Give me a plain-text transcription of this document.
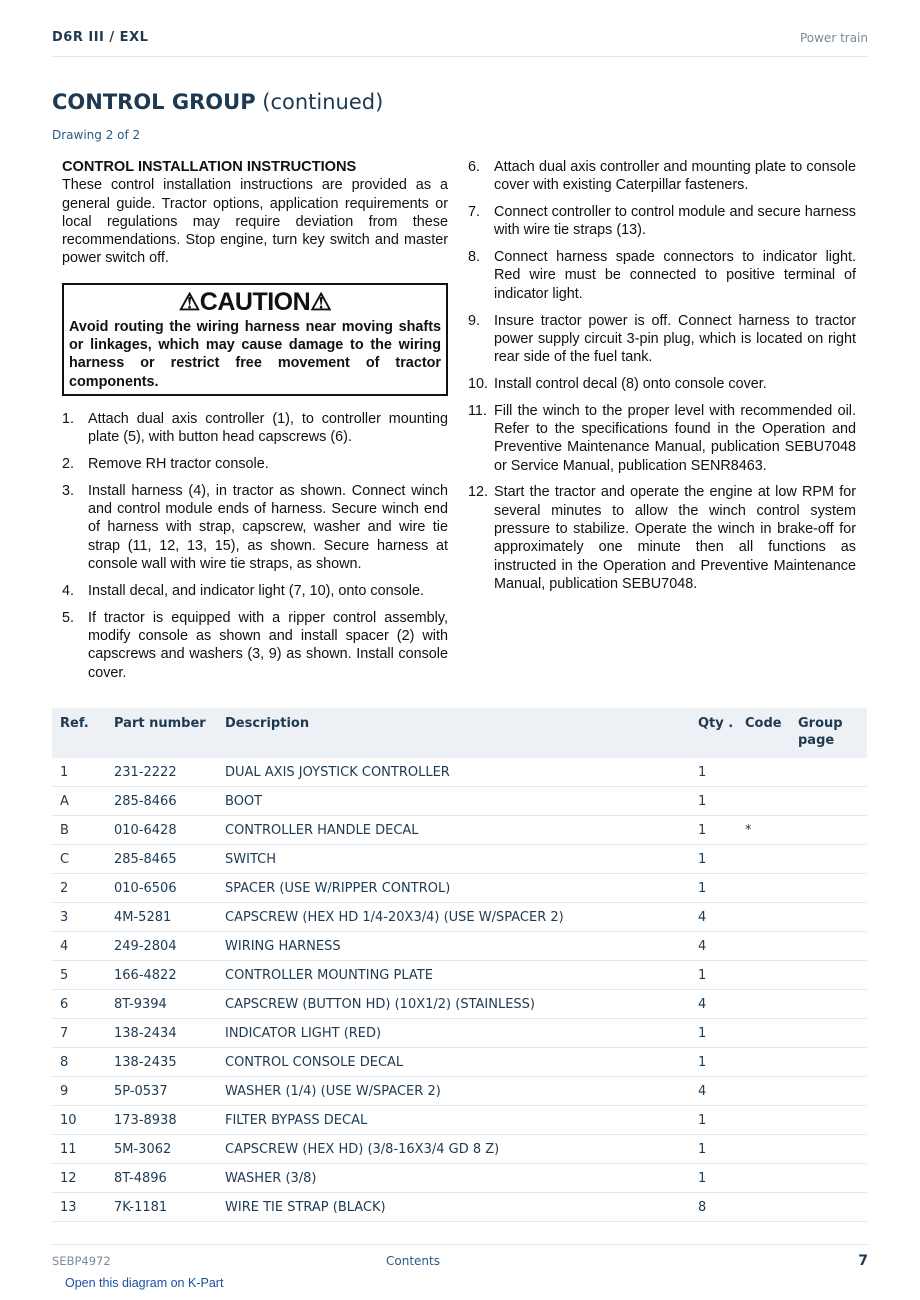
D6R III / EXL	Power train
CONTROL GROUP (continued)
Drawing 2 of 2
CONTROL INSTALLATION INSTRUCTIONS

These control installation instructions are provided as a general guide. Tractor options, application requirements or local regulations may require deviation from these recommendations. Stop engine, turn key switch and master power switch off.

⚠CAUTION⚠
Avoid routing the wiring harness near moving shafts or linkages, which may cause damage to the wiring harness or restrict free movement of tractor components.
1. Attach dual axis controller (1), to controller mounting plate (5), with button head capscrews (6).
2. Remove RH tractor console.
3. Install harness (4), in tractor as shown. Connect winch and control module ends of harness. Secure winch end of harness with strap, capscrew, washer and wire tie strap (11, 12, 13, 15), as shown. Secure harness at console wall with wire tie straps, as shown.
4. Install decal, and indicator light (7, 10), onto console.
5. If tractor is equipped with a ripper control assembly, modify console as shown and install spacer (2) with capscrews and washers (3, 9) as shown. Install console cover.
6. Attach dual axis controller and mounting plate to console cover with existing Caterpillar fasteners.
7. Connect controller to control module and secure harness with wire tie straps (13).
8. Connect harness spade connectors to indicator light. Red wire must be connected to positive terminal of indicator light.
9. Insure tractor power is off. Connect harness to tractor power supply circuit 3-pin plug, which is located on right rear side of the fuel tank.
10. Install control decal (8) onto console cover.
11. Fill the winch to the proper level with recommended oil. Refer to the specifications found in the Operation and Preventive Maintenance Manual, publication SEBU7048 or Service Manual, publication SENR8463.
12. Start the tractor and operate the engine at low RPM for several minutes to allow the winch control system pressure to stabilize. Operate the winch in brake-off for approximately one minute then all functions as instructed in the Operation and Preventive Maintenance Manual, publication SEBU7048.
Ref.	Part number	Description	Qty .	Code	Group page
1	231-2222	DUAL AXIS JOYSTICK CONTROLLER	1		
A	285-8466	BOOT	1		
B	010-6428	CONTROLLER HANDLE DECAL	1	*	
C	285-8465	SWITCH	1		
2	010-6506	SPACER (USE W/RIPPER CONTROL)	1		
3	4M-5281	CAPSCREW (HEX HD 1/4-20X3/4) (USE W/SPACER 2)	4		
4	249-2804	WIRING HARNESS	4		
5	166-4822	CONTROLLER MOUNTING PLATE	1		
6	8T-9394	CAPSCREW (BUTTON HD) (10X1/2) (STAINLESS)	4		
7	138-2434	INDICATOR LIGHT (RED)	1		
8	138-2435	CONTROL CONSOLE DECAL	1		
9	5P-0537	WASHER (1/4) (USE W/SPACER 2)	4		
10	173-8938	FILTER BYPASS DECAL	1		
11	5M-3062	CAPSCREW (HEX HD) (3/8-16X3/4 GD 8 Z)	1		
12	8T-4896	WASHER (3/8)	1		
13	7K-1181	WIRE TIE STRAP (BLACK)	8		
SEBP4972	Contents	7
Open this diagram on K-Part
